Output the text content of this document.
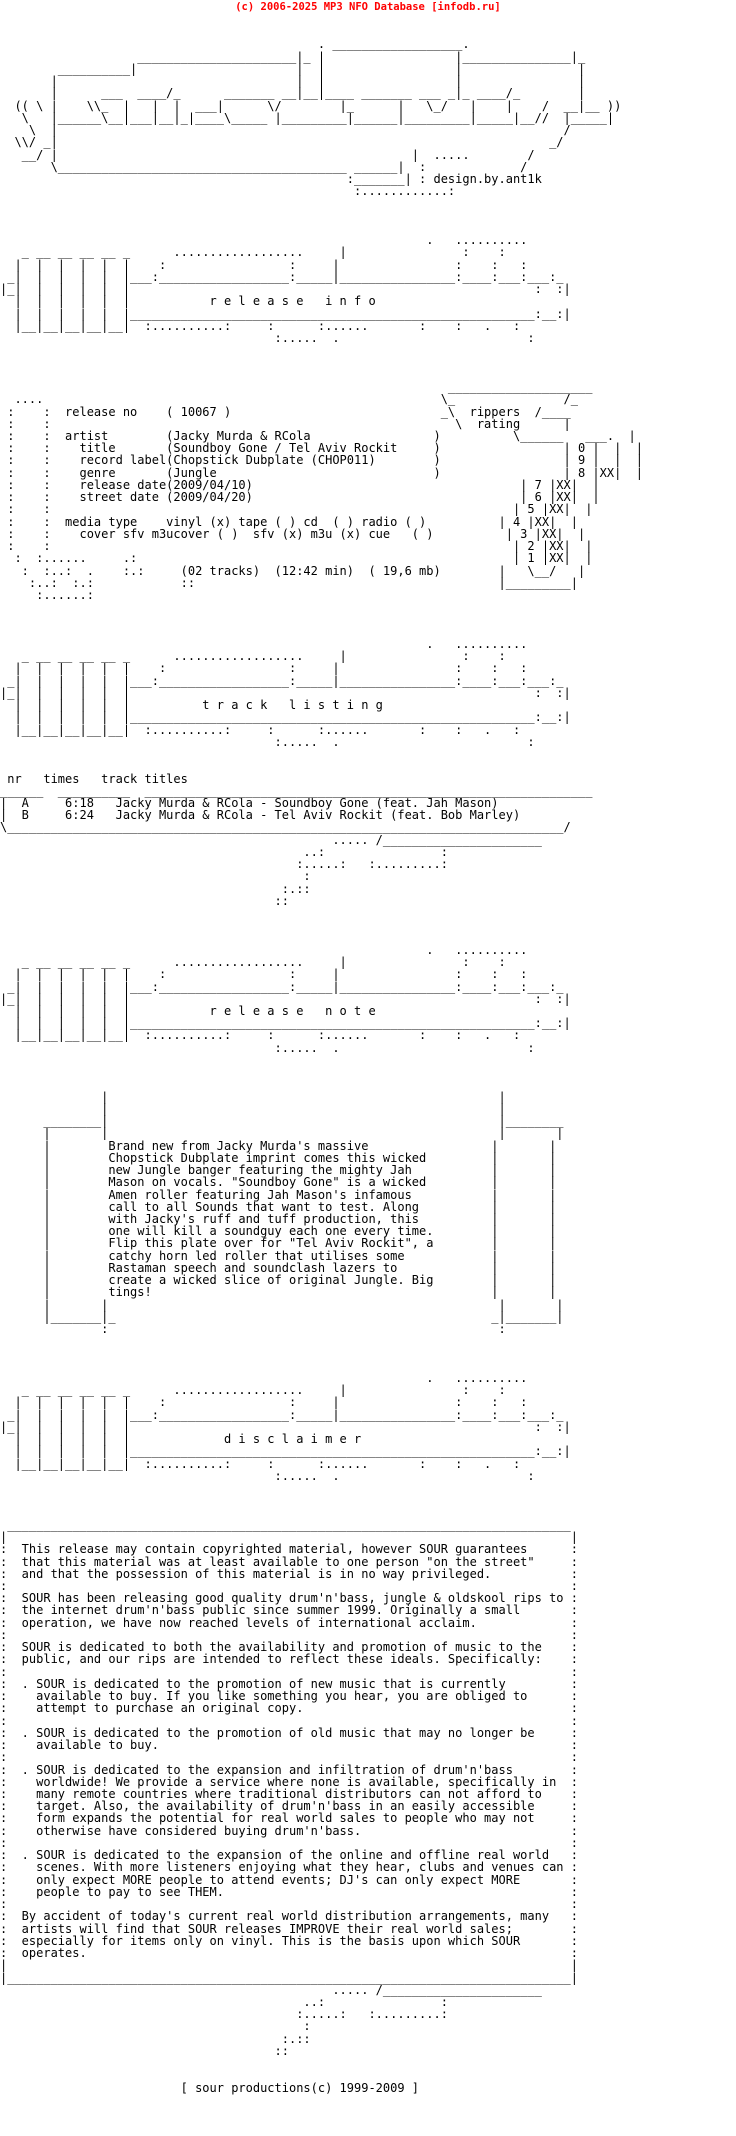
(c) 2006-2025 MP3 NFO Database [infodb.ru]

. __________________.
______________________|_ |                  |_______________|_
__________|                      |  |                  |                |
|                                 |  |                  |                |
|      ___  ____/_      _______ __|__|____ _______ ___ _|_ ____/_        |
(( \ |    \\_  |   |  |  ___|      \/        |_      |   \_/   |    |    /  __|__ ))
\   |______\__|___|__|_|____\_____ |_________|______|_________|_____|__//  |_____|
\  |                                                                      /
\\/ _|                                                                    _/
__/ |                                                 |  .....        /
\________________________________________ ______|  :             /
:_______| : design.by.ant1k
:............:

.   ..........
_ __ __ __ __ _      ..................     |                :    :
|  |  |  |  |  |    :                 :     |                :    :   :
_|  |  |  |  |  |___:__________________:_____|________________:____:___:___:_
|_|  |  |  |  |  |                                                        :  :|
|  |  |  |  |  |           r e l e a s e   i n f o
|  |  |  |  |  |________________________________________________________:__:|
|__|__|__|__|__|  :..........:     :      :......       :    :   .   :
:.....  .                          :

____________________
....                                                       \_               /_
:    :  release no    ( 10067 )                             _\  rippers  /____
:    :                                                        \  rating      |
:    :  artist        (Jacky Murda & RCola                 )          \______   ___.  |
:    :    title       (Soundboy Gone / Tel Aviv Rockit     )                 | 0 |  |  |
:    :    record label(Chopstick Dubplate (CHOP011)        )                 | 9 |  |  |
:    :    genre       (Jungle                              )                 | 8 |XX|  |
:    :    release date(2009/04/10)                                     | 7 |XX|  |
:    :    street date (2009/04/20)                                     | 6 |XX|  |
:    :                                                                | 5 |XX|  |
:    :  media type    vinyl (x) tape ( ) cd  ( ) radio ( )          | 4 |XX|  |
:    :    cover sfv m3ucover ( )  sfv (x) m3u (x) cue   ( )          | 3 |XX|  |
:    :                                                                | 2 |XX|  |
:  :......     .:                                                    | 1 |XX|  |
:  :..:  .    :.:     (02 tracks)  (12:42 min)  ( 19,6 mb)        |   \__/   |
:..:  :.:            ::                                          |_________|
:......:

.   ..........
_ __ __ __ __ _      ..................     |                :    :
|  |  |  |  |  |    :                 :     |                :    :   :
_|  |  |  |  |  |___:__________________:_____|________________:____:___:___:_
|_|  |  |  |  |  |                                                        :  :|
|  |  |  |  |  |          t r a c k   l i s t i n g
|  |  |  |  |  |________________________________________________________:__:|
|__|__|__|__|__|  :..........:     :      :......       :    :   .   :
:.....  .                          :

nr   times   track titles
______  __________  ______________________________________________________________
|  A     6:18   Jacky Murda & RCola - Soundboy Gone (feat. Jah Mason)
|  B     6:24   Jacky Murda & RCola - Tel Aviv Rockit (feat. Bob Marley)
\_____________________________________________________________________________/
..... /______________________
..:                :
:.....:   :.........:
:
:.::
::

.   ..........
_ __ __ __ __ _      ..................     |                :    :
|  |  |  |  |  |    :                 :     |                :    :   :
_|  |  |  |  |  |___:__________________:_____|________________:____:___:___:_
|_|  |  |  |  |  |                                                        :  :|
|  |  |  |  |  |           r e l e a s e   n o t e
|  |  |  |  |  |________________________________________________________:__:|
|__|__|__|__|__|  :..........:     :      :......       :    :   .   :
:.....  .                          :

|                                                      |
|                                                      |
________|                                                      |________
|       |                                                      |       |
|        Brand new from Jacky Murda's massive                 |       |
|        Chopstick Dubplate imprint comes this wicked         |       |
|        new Jungle banger featuring the mighty Jah           |       |
|        Mason on vocals. "Soundboy Gone" is a wicked         |       |
|        Amen roller featuring Jah Mason's infamous           |       |
|        call to all Sounds that want to test. Along          |       |
|        with Jacky's ruff and tuff production, this          |       |
|        one will kill a soundguy each one every time.        |       |
|        Flip this plate over for "Tel Aviv Rockit", a        |       |
|        catchy horn led roller that utilises some            |       |
|        Rastaman speech and soundclash lazers to             |       |
|        create a wicked slice of original Jungle. Big        |       |
|        tings!                                               |       |
|       |                                                      |       |
|_______|_                                                    _|_______|
:                                                      :

.   ..........
_ __ __ __ __ _      ..................     |                :    :
|  |  |  |  |  |    :                 :     |                :    :   :
_|  |  |  |  |  |___:__________________:_____|________________:____:___:___:_
|_|  |  |  |  |  |                                                        :  :|
|  |  |  |  |  |             d i s c l a i m e r
|  |  |  |  |  |________________________________________________________:__:|
|__|__|__|__|__|  :..........:     :      :......       :    :   .   :
:.....  .                          :

______________________________________________________________________________
|                                                                              |
:  This release may contain copyrighted material, however SOUR guarantees      :
:  that this material was at least available to one person "on the street"     :
:  and that the possession of this material is in no way privileged.           :
:                                                                              :
:  SOUR has been releasing good quality drum'n'bass, jungle & oldskool rips to :
:  the internet drum'n'bass public since summer 1999. Originally a small       :
:  operation, we have now reached levels of international acclaim.             :
:                                                                              :
:  SOUR is dedicated to both the availability and promotion of music to the    :
:  public, and our rips are intended to reflect these ideals. Specifically:    :
:                                                                              :
:  . SOUR is dedicated to the promotion of new music that is currently         :
:    available to buy. If you like something you hear, you are obliged to      :
:    attempt to purchase an original copy.                                     :
:                                                                              :
:  . SOUR is dedicated to the promotion of old music that may no longer be     :
:    available to buy.                                                         :
:                                                                              :
:  . SOUR is dedicated to the expansion and infiltration of drum'n'bass        :
:    worldwide! We provide a service where none is available, specifically in  :
:    many remote countries where traditional distributors can not afford to    :
:    target. Also, the availability of drum'n'bass in an easily accessible     :
:    form expands the potential for real world sales to people who may not     :
:    otherwise have considered buying drum'n'bass.                             :
:                                                                              :
:  . SOUR is dedicated to the expansion of the online and offline real world   :
:    scenes. With more listeners enjoying what they hear, clubs and venues can :
:    only expect MORE people to attend events; DJ's can only expect MORE       :
:    people to pay to see THEM.                                                :
:                                                                              :
:  By accident of today's current real world distribution arrangements, many   :
:  artists will find that SOUR releases IMPROVE their real world sales;        :
:  especially for items only on vinyl. This is the basis upon which SOUR       :
:  operates.                                                                   :
|                                                                              |
|______________________________________________________________________________|
..... /______________________
..:                :
:.....:   :.........:
:
:.::
::

[ sour productions(c) 1999-2009 ]
